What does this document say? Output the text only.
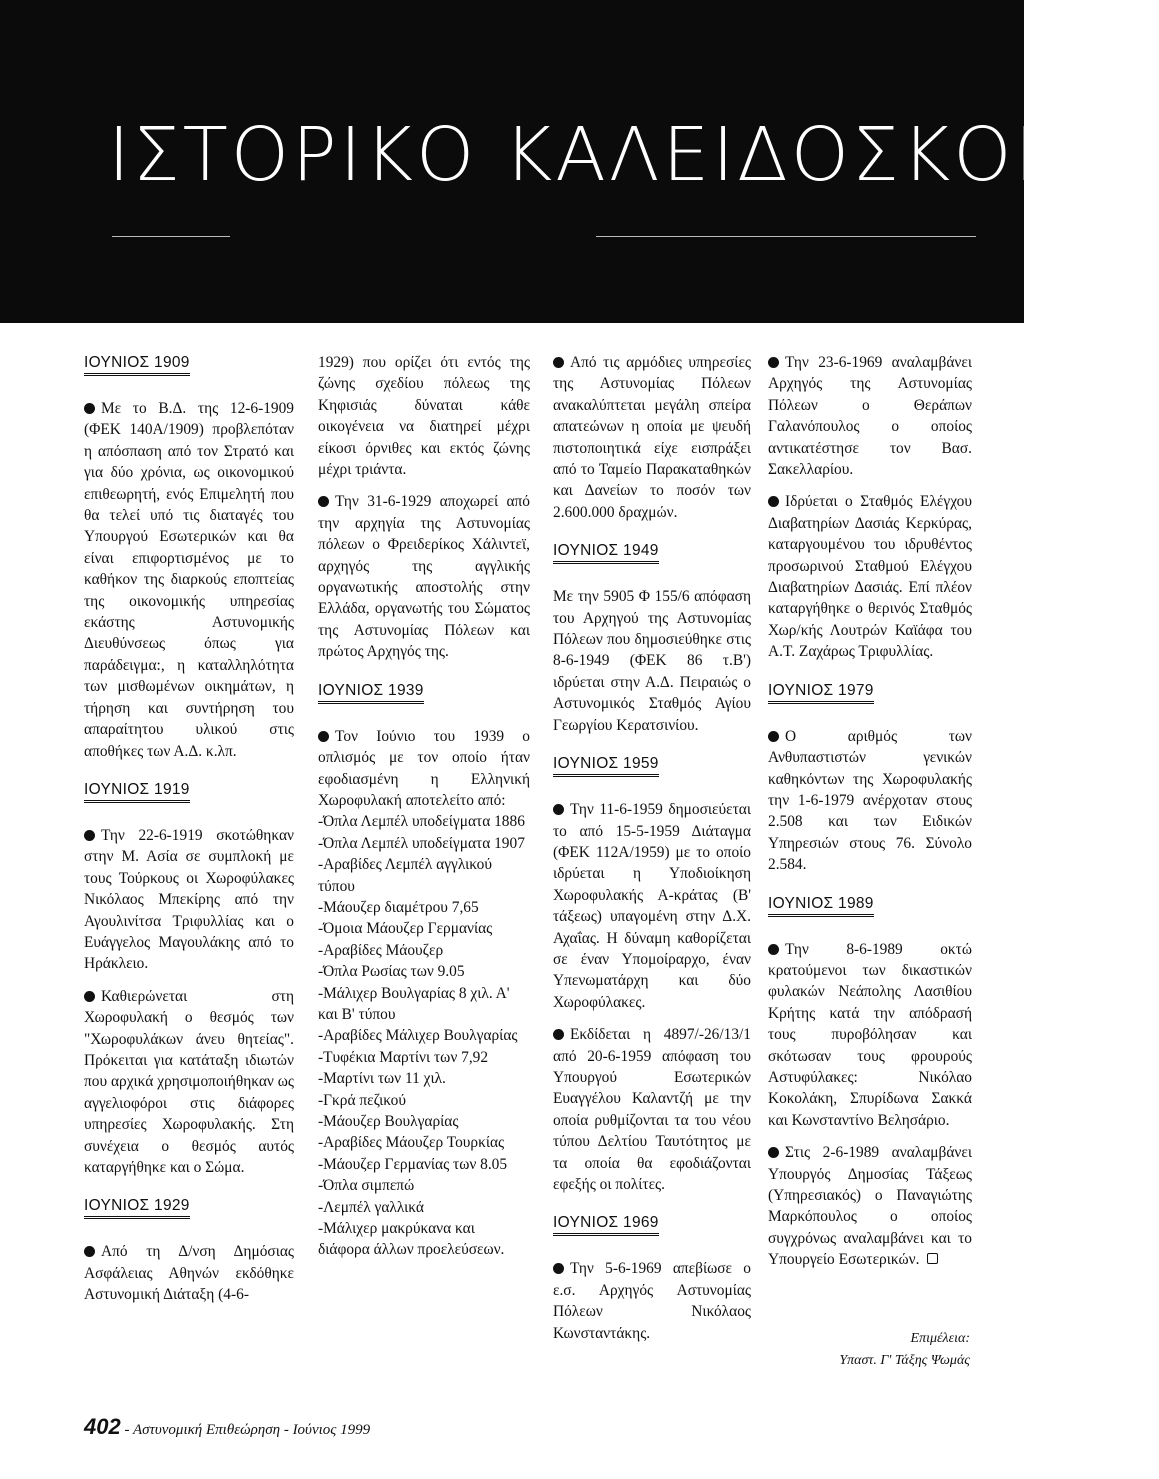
ΙΣΤΟΡΙΚΟ ΚΑΛΕΙΔΟΣΚΟΠΙΟ
ΙΟΥΝΙΟΣ 1909

Με το Β.Δ. της 12-6-1909 (ΦΕΚ 140Α/1909) προβλεπόταν η απόσπαση από τον Στρατό και για δύο χρόνια, ως οικονομικού επιθεωρητή, ενός Επιμελητή που θα τελεί υπό τις διαταγές του Υπουργού Εσωτερικών και θα είναι επιφορτισμένος με το καθήκον της διαρκούς εποπτείας της οικονομικής υπηρεσίας εκάστης Αστυνομικής Διευθύνσεως όπως για παράδειγμα:, η καταλληλότητα των μισθωμένων οικημάτων, η τήρηση και συντήρηση του απαραίτητου υλικού στις αποθήκες των Α.Δ. κ.λπ.

ΙΟΥΝΙΟΣ 1919

Την 22-6-1919 σκοτώθηκαν στην Μ. Ασία σε συμπλοκή με τους Τούρκους οι Χωροφύλακες Νικόλαος Μπεκίρης από την Αγουλινίτσα Τριφυλλίας και ο Ευάγγελος Μαγουλάκης από το Ηράκλειο.

Καθιερώνεται στη Χωροφυλακή ο θεσμός των "Χωροφυλάκων άνευ θητείας". Πρόκειται για κατάταξη ιδιωτών που αρχικά χρησιμοποιήθηκαν ως αγγελιοφόροι στις διάφορες υπηρεσίες Χωροφυλακής. Στη συνέχεια ο θεσμός αυτός καταργήθηκε και ο Σώμα.

ΙΟΥΝΙΟΣ 1929

Από τη Δ/νση Δημόσιας Ασφάλειας Αθηνών εκδόθηκε Αστυνομική Διάταξη (4-6-

1929) που ορίζει ότι εντός της ζώνης σχεδίου πόλεως της Κηφισιάς δύναται κάθε οικογένεια να διατηρεί μέχρι είκοσι όρνιθες και εκτός ζώνης μέχρι τριάντα.

Την 31-6-1929 αποχωρεί από την αρχηγία της Αστυνομίας πόλεων ο Φρειδερίκος Χάλιντεϊ, αρχηγός της αγγλικής οργανωτικής αποστολής στην Ελλάδα, οργανωτής του Σώματος της Αστυνομίας Πόλεων και πρώτος Αρχηγός της.

ΙΟΥΝΙΟΣ 1939

Τον Ιούνιο του 1939 ο οπλισμός με τον οποίο ήταν εφοδιασμένη η Ελληνική Χωροφυλακή αποτελείτο από:

-Όπλα Λεμπέλ υποδείγματα 1886
-Όπλα Λεμπέλ υποδείγματα 1907
-Αραβίδες Λεμπέλ αγγλικού τύπου
-Μάουζερ διαμέτρου 7,65
-Όμοια Μάουζερ Γερμανίας
-Αραβίδες Μάουζερ
-Όπλα Ρωσίας των 9.05
-Μάλιχερ Βουλγαρίας 8 χιλ. Α' και Β' τύπου
-Αραβίδες Μάλιχερ Βουλγαρίας
-Τυφέκια Μαρτίνι των 7,92
-Μαρτίνι των 11 χιλ.
-Γκρά πεζικού
-Μάουζερ Βουλγαρίας
-Αραβίδες Μάουζερ Τουρκίας
-Μάουζερ Γερμανίας των 8.05
-Όπλα σιμπεπώ
-Λεμπέλ γαλλικά
-Μάλιχερ μακρύκανα και διάφορα άλλων προελεύσεων.

Από τις αρμόδιες υπηρεσίες της Αστυνομίας Πόλεων ανακαλύπτεται μεγάλη σπείρα απατεώνων η οποία με ψευδή πιστοποιητικά είχε εισπράξει από το Ταμείο Παρακαταθηκών και Δανείων το ποσόν των 2.600.000 δραχμών.

ΙΟΥΝΙΟΣ 1949

Με την 5905 Φ 155/6 απόφαση του Αρχηγού της Αστυνομίας Πόλεων που δημοσιεύθηκε στις 8-6-1949 (ΦΕΚ 86 τ.Β') ιδρύεται στην Α.Δ. Πειραιώς ο Αστυνομικός Σταθμός Αγίου Γεωργίου Κερατσινίου.

ΙΟΥΝΙΟΣ 1959

Την 11-6-1959 δημοσιεύεται το από 15-5-1959 Διάταγμα (ΦΕΚ 112Α/1959) με το οποίο ιδρύεται η Υποδιοίκηση Χωροφυλακής Α-κράτας (Β' τάξεως) υπαγομένη στην Δ.Χ. Αχαΐας. Η δύναμη καθορίζεται σε έναν Υπομοίραρχο, έναν Υπενωματάρχη και δύο Χωροφύλακες.

Εκδίδεται η 4897/-26/13/1 από 20-6-1959 απόφαση του Υπουργού Εσωτερικών Ευαγγέλου Καλαντζή με την οποία ρυθμίζονται τα του νέου τύπου Δελτίου Ταυτότητος με τα οποία θα εφοδιάζονται εφεξής οι πολίτες.

ΙΟΥΝΙΟΣ 1969

Την 5-6-1969 απεβίωσε ο ε.σ. Αρχηγός Αστυνομίας Πόλεων Νικόλαος Κωνσταντάκης.

Την 23-6-1969 αναλαμβάνει Αρχηγός της Αστυνομίας Πόλεων ο Θεράπων Γαλανόπουλος ο οποίος αντικατέστησε τον Βασ. Σακελλαρίου.

Ιδρύεται ο Σταθμός Ελέγχου Διαβατηρίων Δασιάς Κερκύρας, καταργουμένου του ιδρυθέντος προσωρινού Σταθμού Ελέγχου Διαβατηρίων Δασιάς. Επί πλέον καταργήθηκε ο θερινός Σταθμός Χωρ/κής Λουτρών Καϊάφα του Α.Τ. Ζαχάρως Τριφυλλίας.

ΙΟΥΝΙΟΣ 1979

Ο αριθμός των Ανθυπαστιστών γενικών καθηκόντων της Χωροφυλακής την 1-6-1979 ανέρχοταν στους 2.508 και των Ειδικών Υπηρεσιών στους 76. Σύνολο 2.584.

ΙΟΥΝΙΟΣ 1989

Την 8-6-1989 οκτώ κρατούμενοι των δικαστικών φυλακών Νεάπολης Λασιθίου Κρήτης κατά την απόδρασή τους πυροβόλησαν και σκότωσαν τους φρουρούς Αστυφύλακες: Νικόλαο Κοκολάκη, Σπυρίδωνα Σακκά και Κωνσταντίνο Βελησάριο.

Στις 2-6-1989 αναλαμβάνει Υπουργός Δημοσίας Τάξεως (Υπηρεσιακός) ο Παναγιώτης Μαρκόπουλος ο οποίος συγχρόνως αναλαμβάνει και το Υπουργείο Εσωτερικών.

Επιμέλεια:
Υπαστ. Γ' Τάξης Ψωμάς
402 - Αστυνομική Επιθεώρηση - Ιούνιος 1999
